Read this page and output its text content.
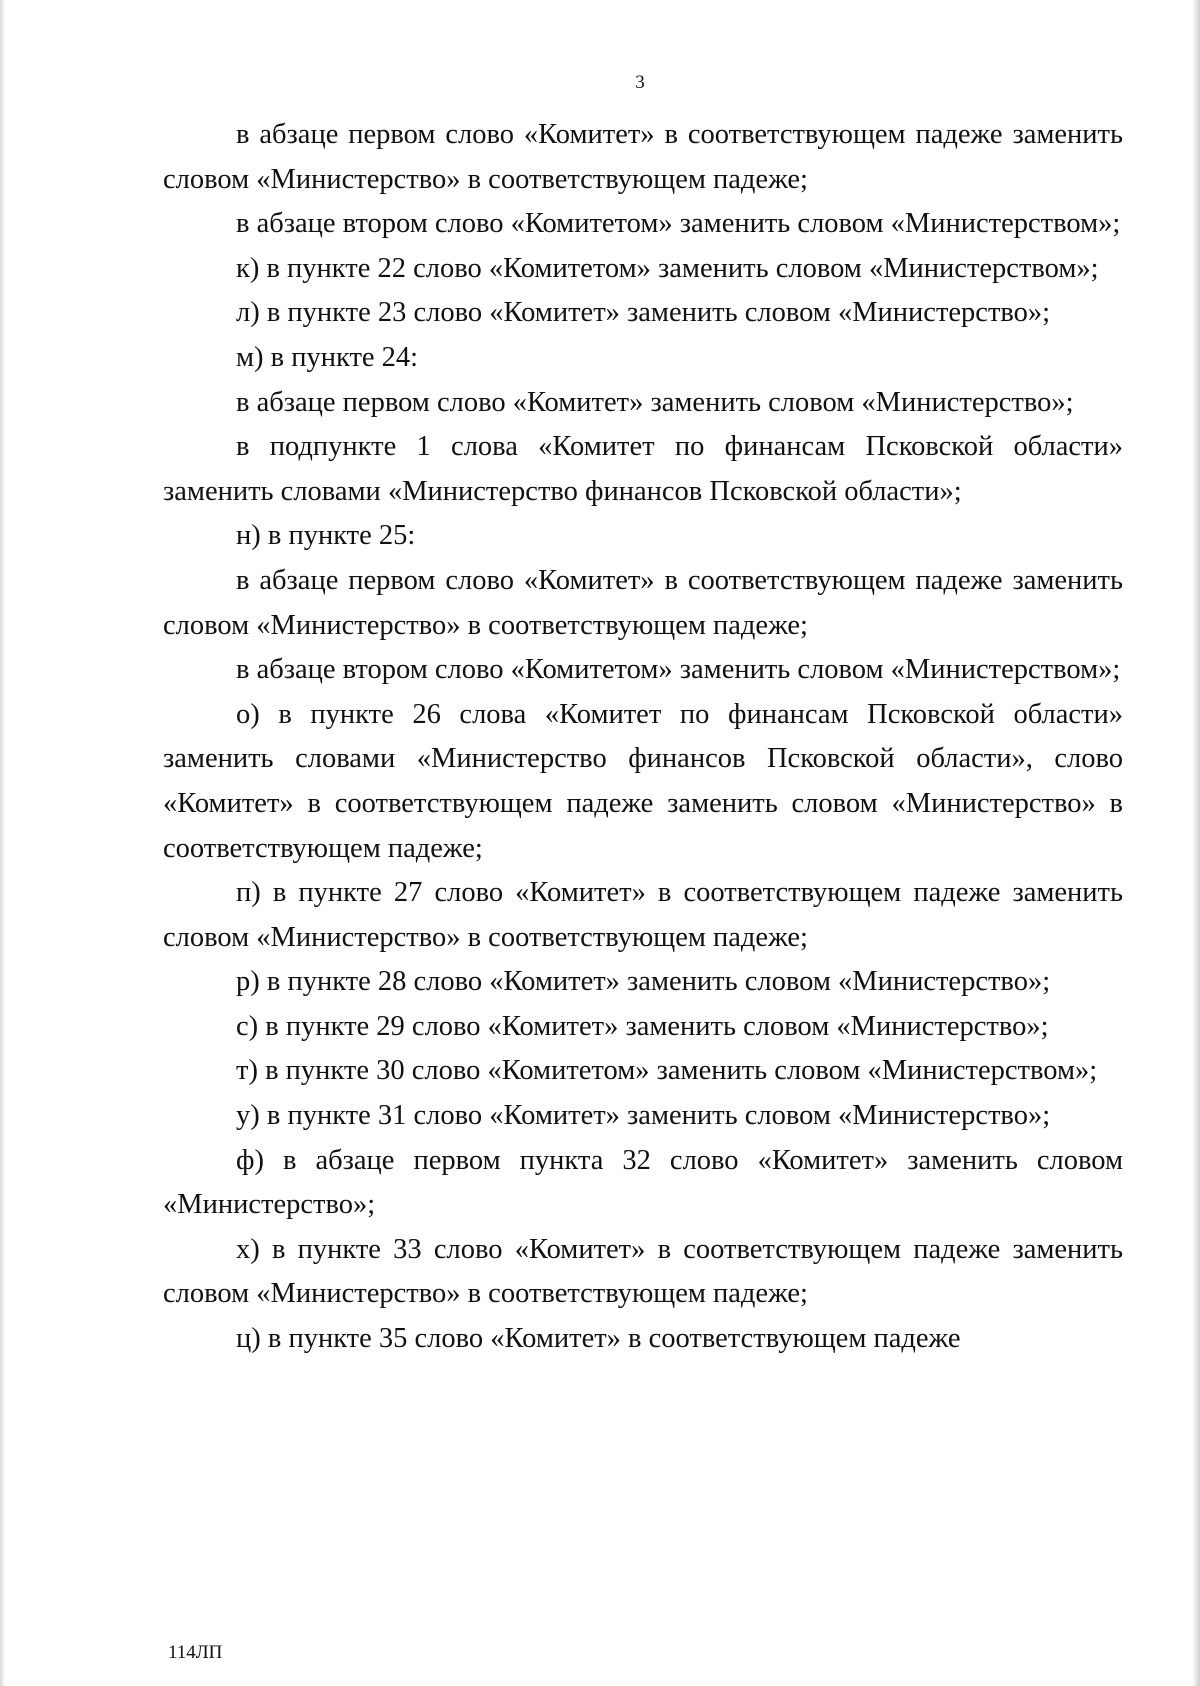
3

в абзаце первом слово «Комитет» в соответствующем падеже заменить словом «Министерство» в соответствующем падеже;

в абзаце втором слово «Комитетом» заменить словом «Министерством»;

к) в пункте 22 слово «Комитетом» заменить словом «Министерством»;

л) в пункте 23 слово «Комитет» заменить словом «Министерство»;

м) в пункте 24:

в абзаце первом слово «Комитет» заменить словом «Министерство»;

в подпункте 1 слова «Комитет по финансам Псковской области» заменить словами «Министерство финансов Псковской области»;

н) в пункте 25:

в абзаце первом слово «Комитет» в соответствующем падеже заменить словом «Министерство» в соответствующем падеже;

в абзаце втором слово «Комитетом» заменить словом «Министерством»;

о) в пункте 26 слова «Комитет по финансам Псковской области» заменить словами «Министерство финансов Псковской области», слово «Комитет» в соответствующем падеже заменить словом «Министерство» в соответствующем падеже;

п) в пункте 27 слово «Комитет» в соответствующем падеже заменить словом «Министерство» в соответствующем падеже;

р) в пункте 28 слово «Комитет» заменить словом «Министерство»;

с) в пункте 29 слово «Комитет» заменить словом «Министерство»;

т) в пункте 30 слово «Комитетом» заменить словом «Министерством»;

у) в пункте 31 слово «Комитет» заменить словом «Министерство»;

ф) в абзаце первом пункта 32 слово «Комитет» заменить словом «Министерство»;

х) в пункте 33 слово «Комитет» в соответствующем падеже заменить словом «Министерство» в соответствующем падеже;

ц) в пункте 35 слово «Комитет» в соответствующем падеже

114ЛП
